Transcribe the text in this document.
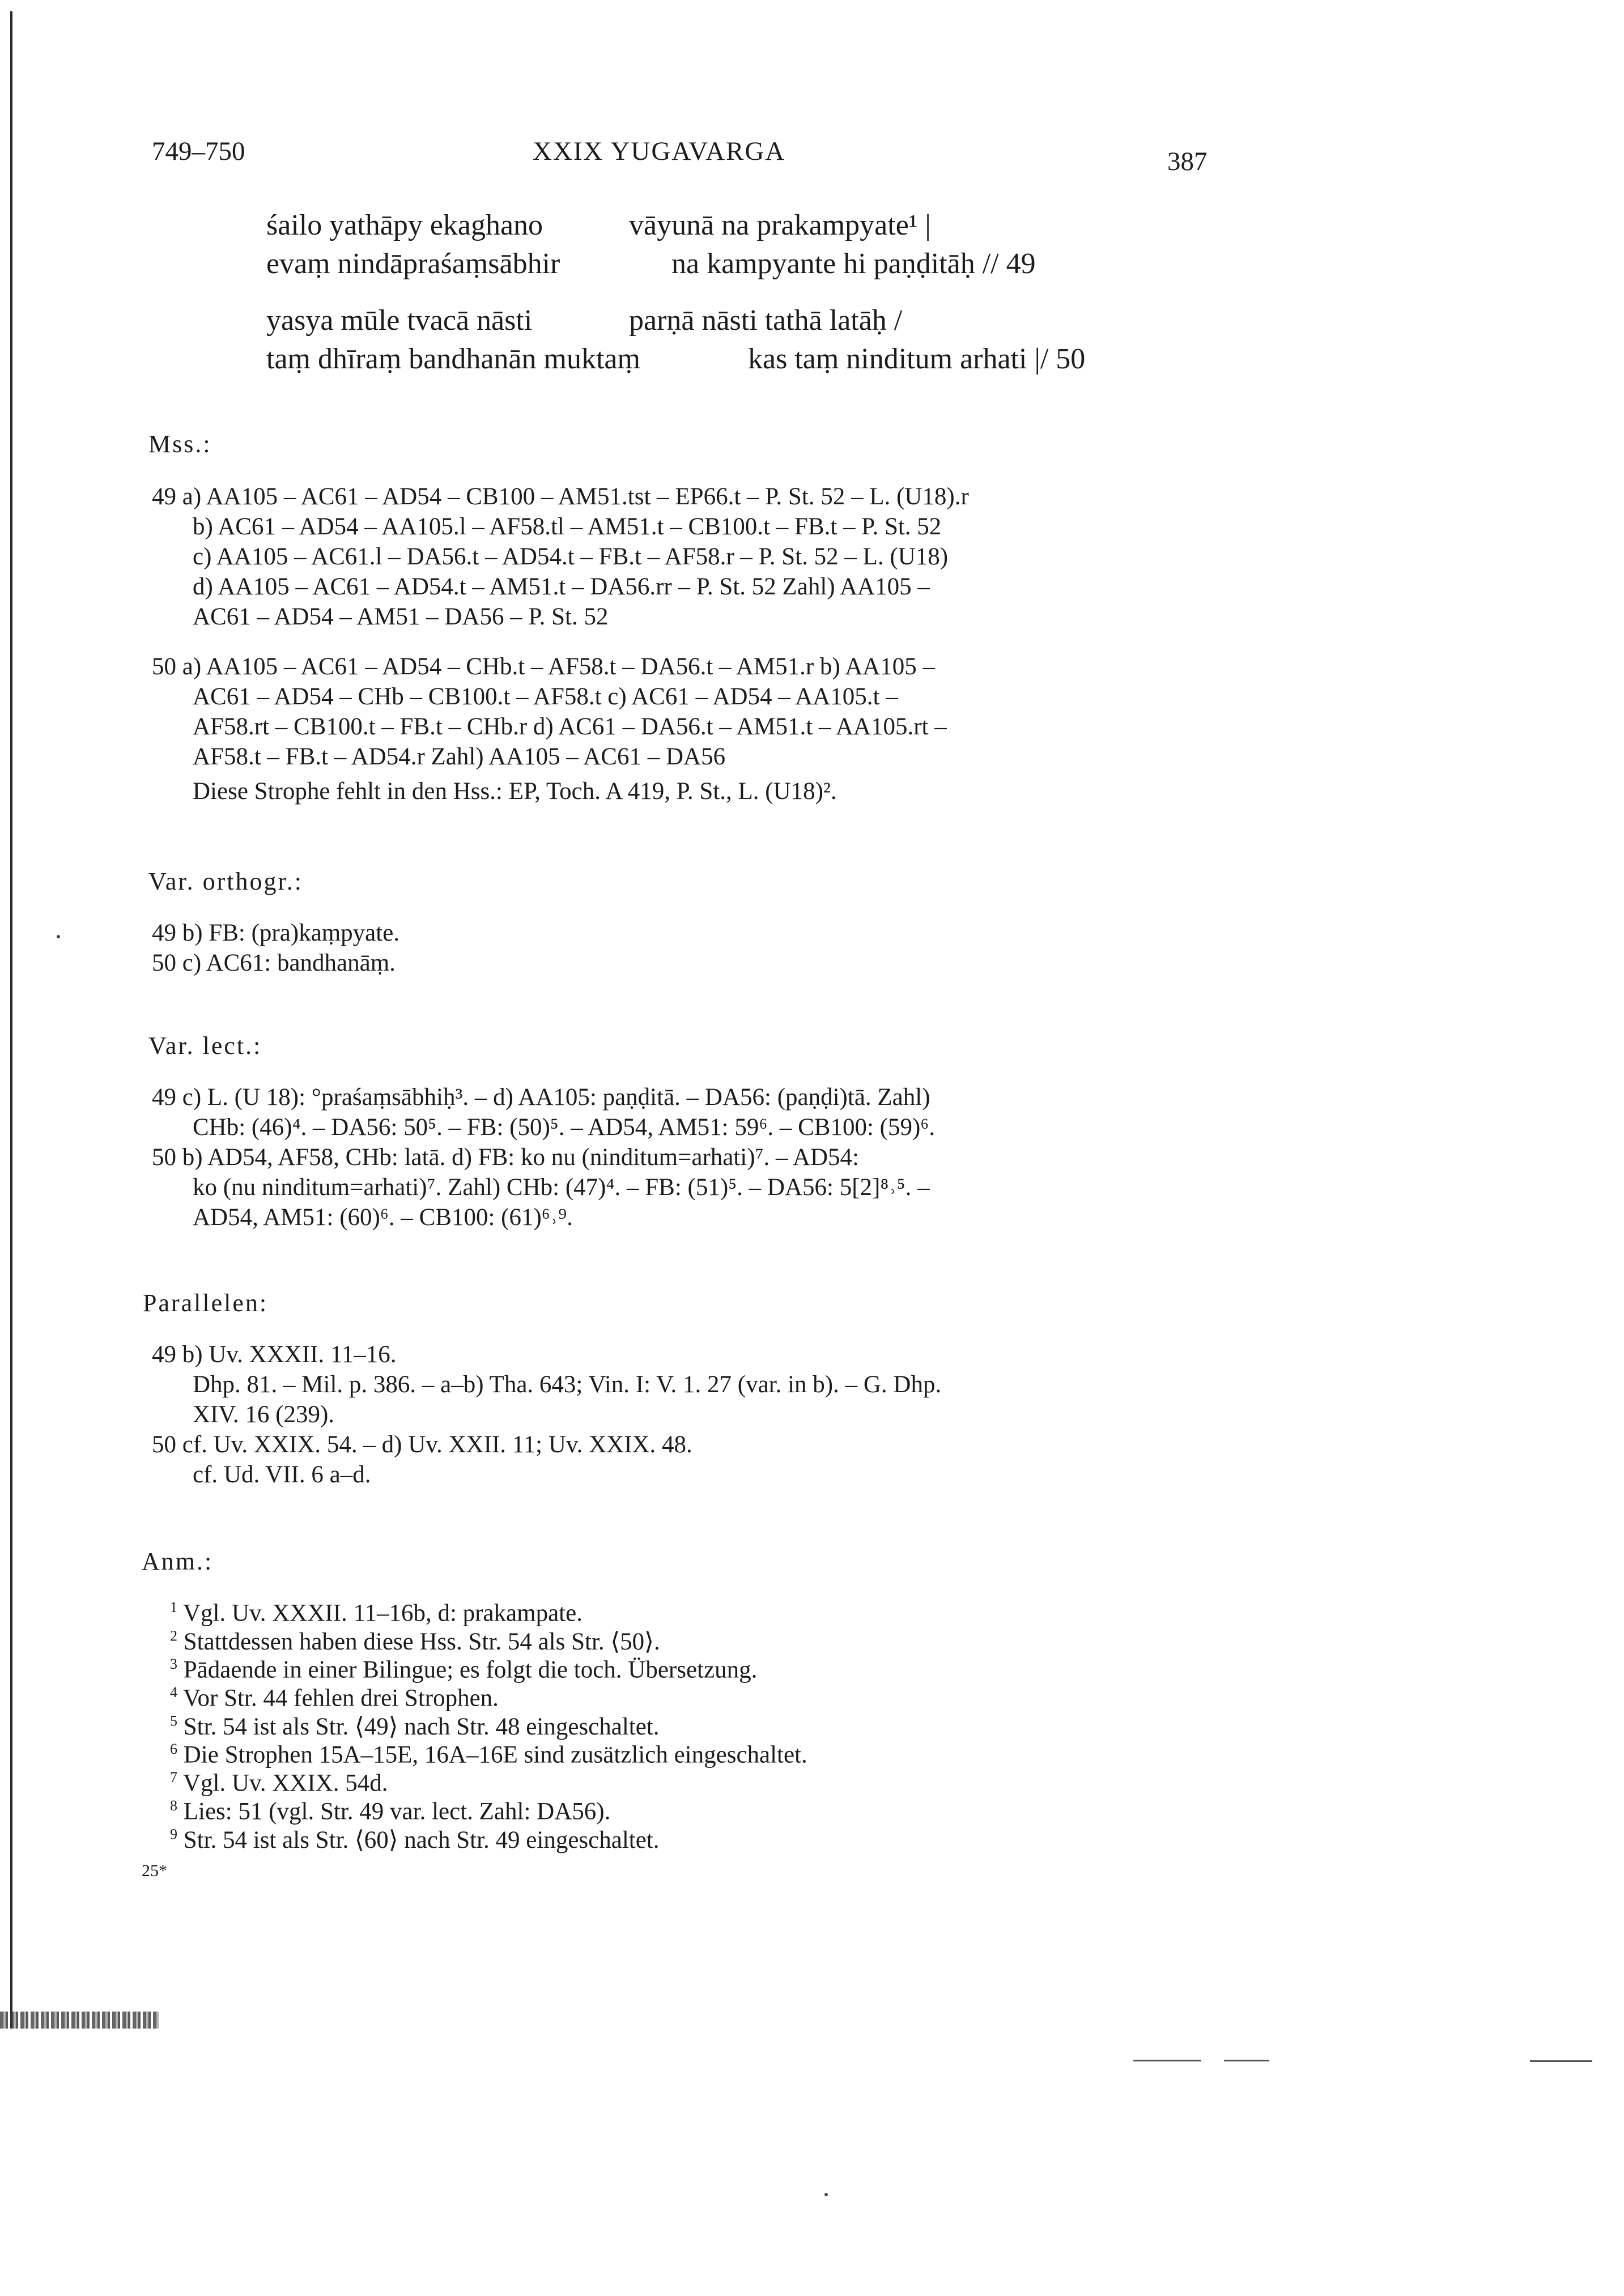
749–750	XXIX YUGAVARGA	387
śailo yathāpy ekaghano	vāyunā na prakampyate¹ |
evaṃ nindāpraśaṃsābhir	na kampyante hi paṇḍitāḥ // 49
yasya mūle tvacā nāsti	parṇā nāsti tathā latāḥ /
taṃ dhīraṃ bandhanān muktaṃ	kas taṃ ninditum arhati |/ 50
Mss.:
49 a) AA105 – AC61 – AD54 – CB100 – AM51.tst – EP66.t – P. St. 52 – L. (U18).r
b) AC61 – AD54 – AA105.l – AF58.tl – AM51.t – CB100.t – FB.t – P. St. 52
c) AA105 – AC61.l – DA56.t – AD54.t – FB.t – AF58.r – P. St. 52 – L. (U18)
d) AA105 – AC61 – AD54.t – AM51.t – DA56.rr – P. St. 52 Zahl) AA105 –
AC61 – AD54 – AM51 – DA56 – P. St. 52
50 a) AA105 – AC61 – AD54 – CHb.t – AF58.t – DA56.t – AM51.r b) AA105 –
AC61 – AD54 – CHb – CB100.t – AF58.t c) AC61 – AD54 – AA105.t –
AF58.rt – CB100.t – FB.t – CHb.r d) AC61 – DA56.t – AM51.t – AA105.rt –
AF58.t – FB.t – AD54.r Zahl) AA105 – AC61 – DA56
Diese Strophe fehlt in den Hss.: EP, Toch. A 419, P. St., L. (U18)².
Var. orthogr.:
49 b) FB: (pra)kaṃpyate.
50 c) AC61: bandhanāṃ.
Var. lect.:
49 c) L. (U 18): °praśaṃsābhiḥ³. – d) AA105: paṇḍitā. – DA56: (paṇḍi)tā. Zahl)
CHb: (46)⁴. – DA56: 50⁵. – FB: (50)⁵. – AD54, AM51: 59⁶. – CB100: (59)⁶.
50 b) AD54, AF58, CHb: latā. d) FB: ko nu (ninditum=arhati)⁷. – AD54:
ko (nu ninditum=arhati)⁷. Zahl) CHb: (47)⁴. – FB: (51)⁵. – DA56: 5[2]⁸˒⁵. –
AD54, AM51: (60)⁶. – CB100: (61)⁶˒⁹.
Parallelen:
49 b) Uv. XXXII. 11–16.
Dhp. 81. – Mil. p. 386. – a–b) Tha. 643; Vin. I: V. 1. 27 (var. in b). – G. Dhp.
XIV. 16 (239).
50 cf. Uv. XXIX. 54. – d) Uv. XXII. 11; Uv. XXIX. 48.
cf. Ud. VII. 6 a–d.
Anm.:
$^1$ Vgl. Uv. XXXII. 11–16b, d: prakampate.
$^2$ Stattdessen haben diese Hss. Str. 54 als Str. ⟨50⟩.
$^3$ Pādaende in einer Bilingue; es folgt die toch. Übersetzung.
$^4$ Vor Str. 44 fehlen drei Strophen.
$^5$ Str. 54 ist als Str. ⟨49⟩ nach Str. 48 eingeschaltet.
$^6$ Die Strophen 15A–15E, 16A–16E sind zusätzlich eingeschaltet.
$^7$ Vgl. Uv. XXIX. 54d.
$^8$ Lies: 51 (vgl. Str. 49 var. lect. Zahl: DA56).
$^9$ Str. 54 ist als Str. ⟨60⟩ nach Str. 49 eingeschaltet.
25*
